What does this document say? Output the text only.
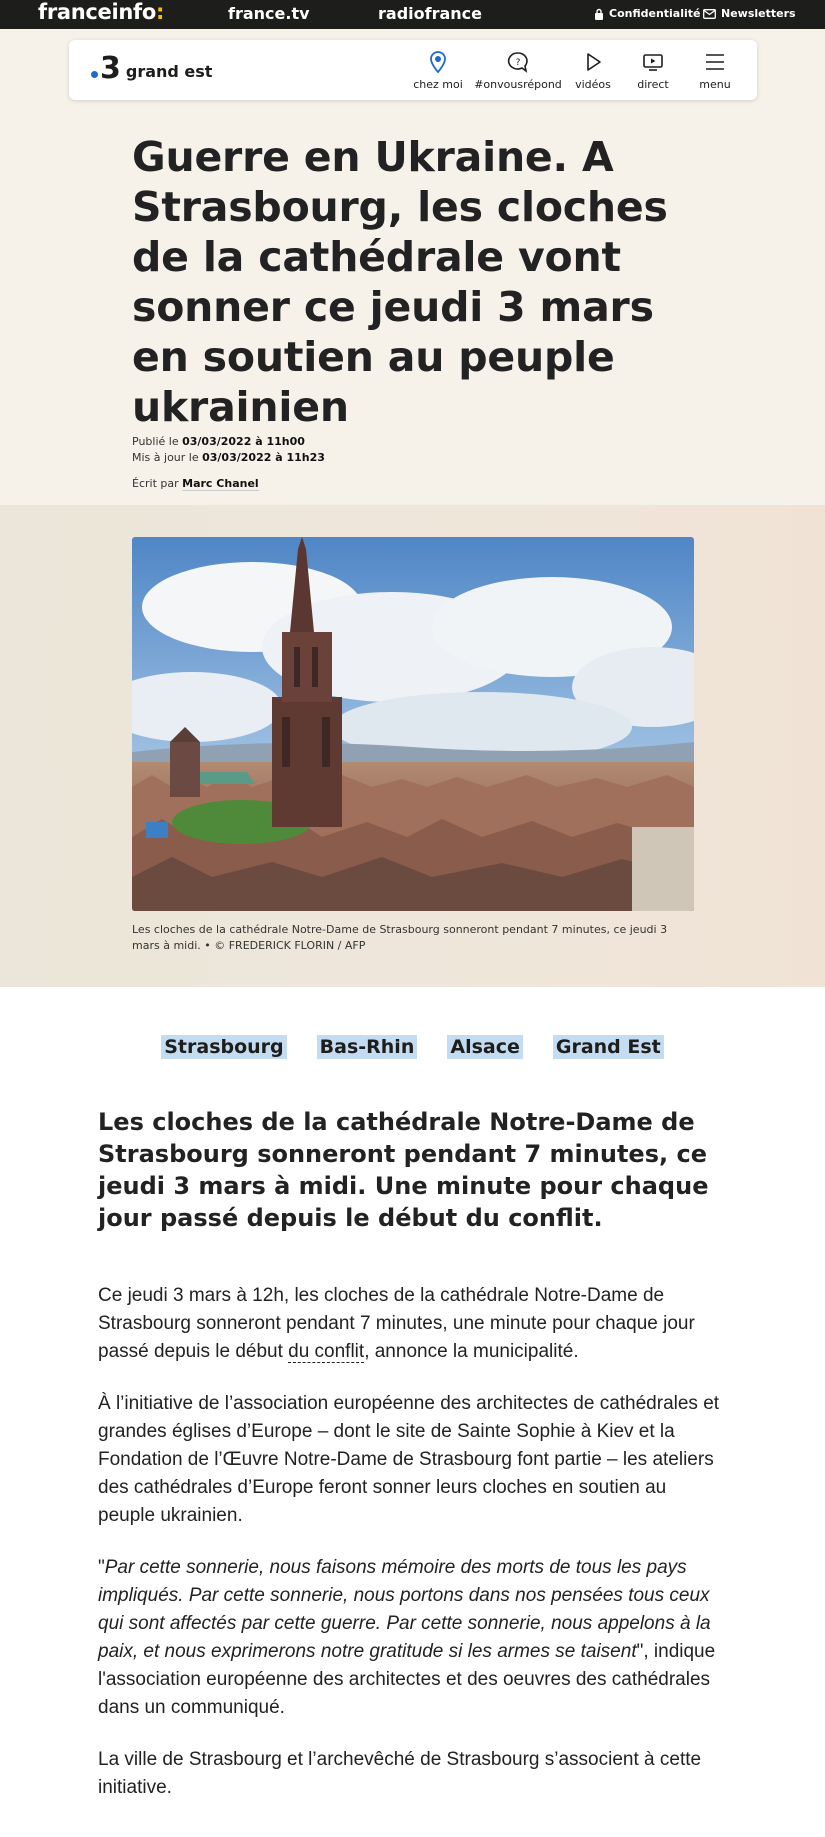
franceinfo:	france.tv	radiofrance	Confidentialité Newsletters
3 grand est
chez moi
?
#onvousrépond vidéos direct	menu
Guerre en Ukraine. A Strasbourg, les cloches de la cathédrale vont sonner ce jeudi 3 mars en soutien au peuple ukrainien
Publié le 03/03/2022 à 11h00
Mis à jour le 03/03/2022 à 11h23
Écrit par Marc Chanel
Les cloches de la cathédrale Notre-Dame de Strasbourg sonneront pendant 7 minutes, ce jeudi 3 mars à midi. • © FREDERICK FLORIN / AFP
Strasbourg Bas-Rhin Alsace Grand Est
Les cloches de la cathédrale Notre-Dame de Strasbourg sonneront pendant 7 minutes, ce jeudi 3 mars à midi. Une minute pour chaque jour passé depuis le début du conflit.

Ce jeudi 3 mars à 12h, les cloches de la cathédrale Notre-Dame de Strasbourg sonneront pendant 7 minutes, une minute pour chaque jour passé depuis le début du conflit, annonce la municipalité.

À l’initiative de l’association européenne des architectes de cathédrales et grandes églises d’Europe – dont le site de Sainte Sophie à Kiev et la Fondation de l’Œuvre Notre-Dame de Strasbourg font partie – les ateliers des cathédrales d’Europe feront sonner leurs cloches en soutien au peuple ukrainien.

"Par cette sonnerie, nous faisons mémoire des morts de tous les pays impliqués. Par cette sonnerie, nous portons dans nos pensées tous ceux qui sont affectés par cette guerre. Par cette sonnerie, nous appelons à la paix, et nous exprimerons notre gratitude si les armes se taisent", indique l'association européenne des architectes et des oeuvres des cathédrales dans un communiqué.

La ville de Strasbourg et l’archevêché de Strasbourg s’associent à cette initiative.
